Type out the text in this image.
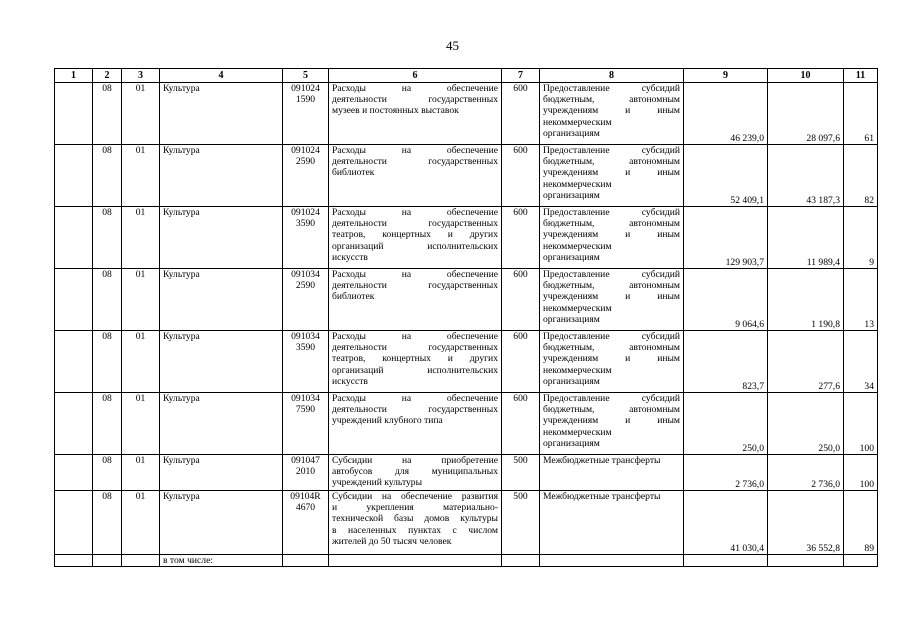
45
1	2	3	4	5	6	7	8	9	10	11
	08	01	Культура	091024
1590	Расходы на обеспечение
деятельности государственных
музеев и постоянных выставок	600	Предоставление субсидий
бюджетным, автономным
учреждениям и иным
некоммерческим
организациям	46 239,0	28 097,6	61
	08	01	Культура	091024
2590	Расходы на обеспечение
деятельности государственных
библиотек	600	Предоставление субсидий
бюджетным, автономным
учреждениям и иным
некоммерческим
организациям	52 409,1	43 187,3	82
	08	01	Культура	091024
3590	Расходы на обеспечение
деятельности государственных
театров, концертных и других
организаций исполнительских
искусств	600	Предоставление субсидий
бюджетным, автономным
учреждениям и иным
некоммерческим
организациям	129 903,7	11 989,4	9
	08	01	Культура	091034
2590	Расходы на обеспечение
деятельности государственных
библиотек	600	Предоставление субсидий
бюджетным, автономным
учреждениям и иным
некоммерческим
организациям	9 064,6	1 190,8	13
	08	01	Культура	091034
3590	Расходы на обеспечение
деятельности государственных
театров, концертных и других
организаций исполнительских
искусств	600	Предоставление субсидий
бюджетным, автономным
учреждениям и иным
некоммерческим
организациям	823,7	277,6	34
	08	01	Культура	091034
7590	Расходы на обеспечение
деятельности государственных
учреждений клубного типа	600	Предоставление субсидий
бюджетным, автономным
учреждениям и иным
некоммерческим
организациям	250,0	250,0	100
	08	01	Культура	091047
2010	Субсидии на приобретение
автобусов для муниципальных
учреждений культуры	500	Межбюджетные трансферты	2 736,0	2 736,0	100
	08	01	Культура	09104R
4670	Субсидии на обеспечение развития
и укрепления материально-
технической базы домов культуры
в населенных пунктах с числом
жителей до 50 тысяч человек	500	Межбюджетные трансферты	41 030,4	36 552,8	89
			в том числе:							
